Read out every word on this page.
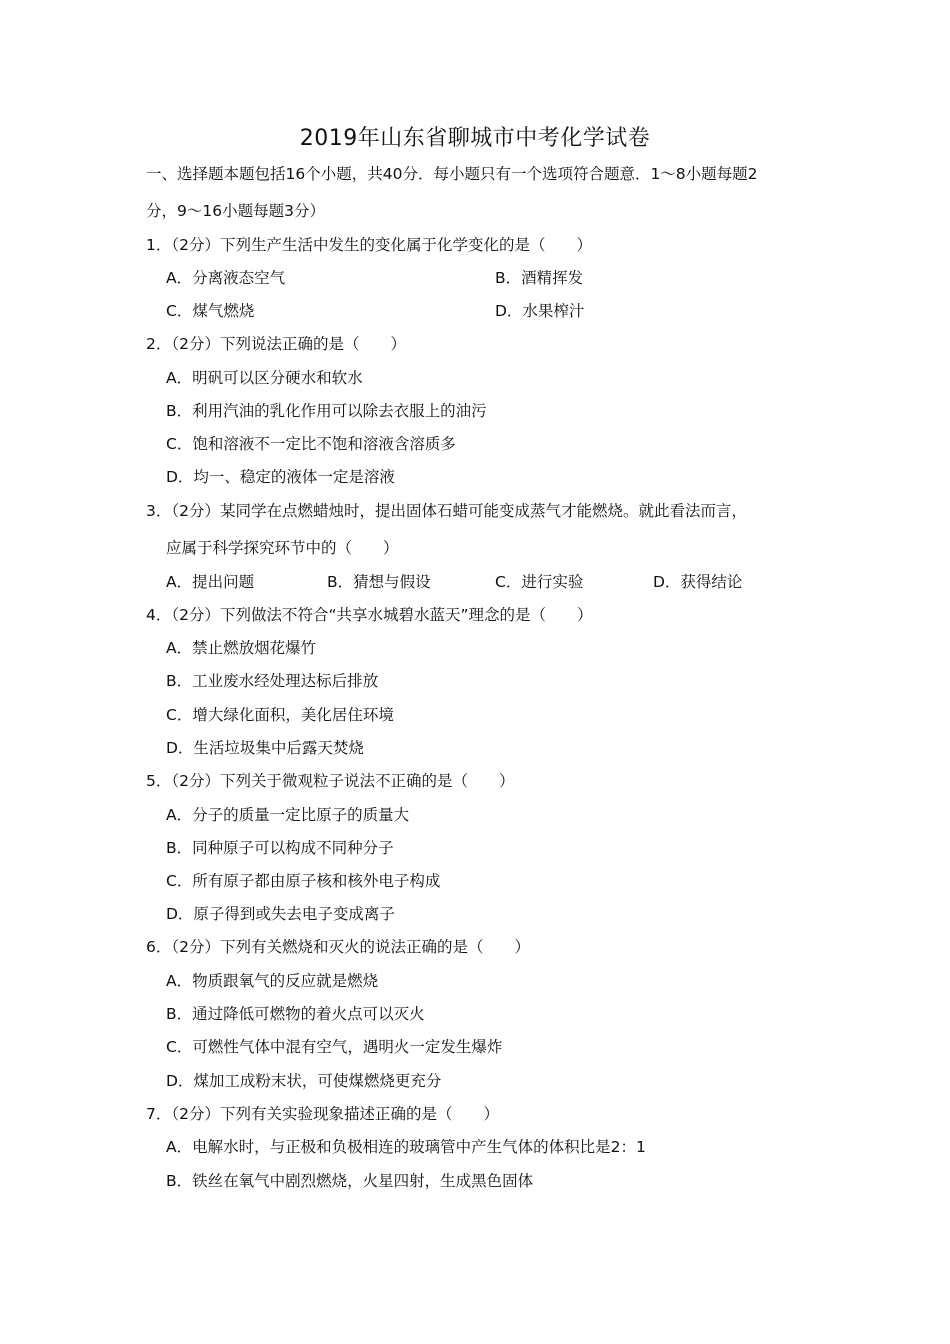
2019年山东省聊城市中考化学试卷
一、选择题本题包括16个小题，共40分．每小题只有一个选项符合题意．1～8小题每题2
分，9～16小题每题3分）
1．（2分）下列生产生活中发生的变化属于化学变化的是（　　）
A．分离液态空气	B．酒精挥发
C．煤气燃烧	D．水果榨汁
2．（2分）下列说法正确的是（　　）
A．明矾可以区分硬水和软水
B．利用汽油的乳化作用可以除去衣服上的油污
C．饱和溶液不一定比不饱和溶液含溶质多
D．均一、稳定的液体一定是溶液
3．（2分）某同学在点燃蜡烛时，提出固体石蜡可能变成蒸气才能燃烧。就此看法而言，
应属于科学探究环节中的（　　）
A．提出问题	B．猜想与假设	C．进行实验	D．获得结论
4．（2分）下列做法不符合“共享水城碧水蓝天”理念的是（　　）
A．禁止燃放烟花爆竹
B．工业废水经处理达标后排放
C．增大绿化面积，美化居住环境
D．生活垃圾集中后露天焚烧
5．（2分）下列关于微观粒子说法不正确的是（　　）
A．分子的质量一定比原子的质量大
B．同种原子可以构成不同种分子
C．所有原子都由原子核和核外电子构成
D．原子得到或失去电子变成离子
6．（2分）下列有关燃烧和灭火的说法正确的是（　　）
A．物质跟氧气的反应就是燃烧
B．通过降低可燃物的着火点可以灭火
C．可燃性气体中混有空气，遇明火一定发生爆炸
D．煤加工成粉末状，可使煤燃烧更充分
7．（2分）下列有关实验现象描述正确的是（　　）
A．电解水时，与正极和负极相连的玻璃管中产生气体的体积比是2：1
B．铁丝在氧气中剧烈燃烧，火星四射，生成黑色固体
